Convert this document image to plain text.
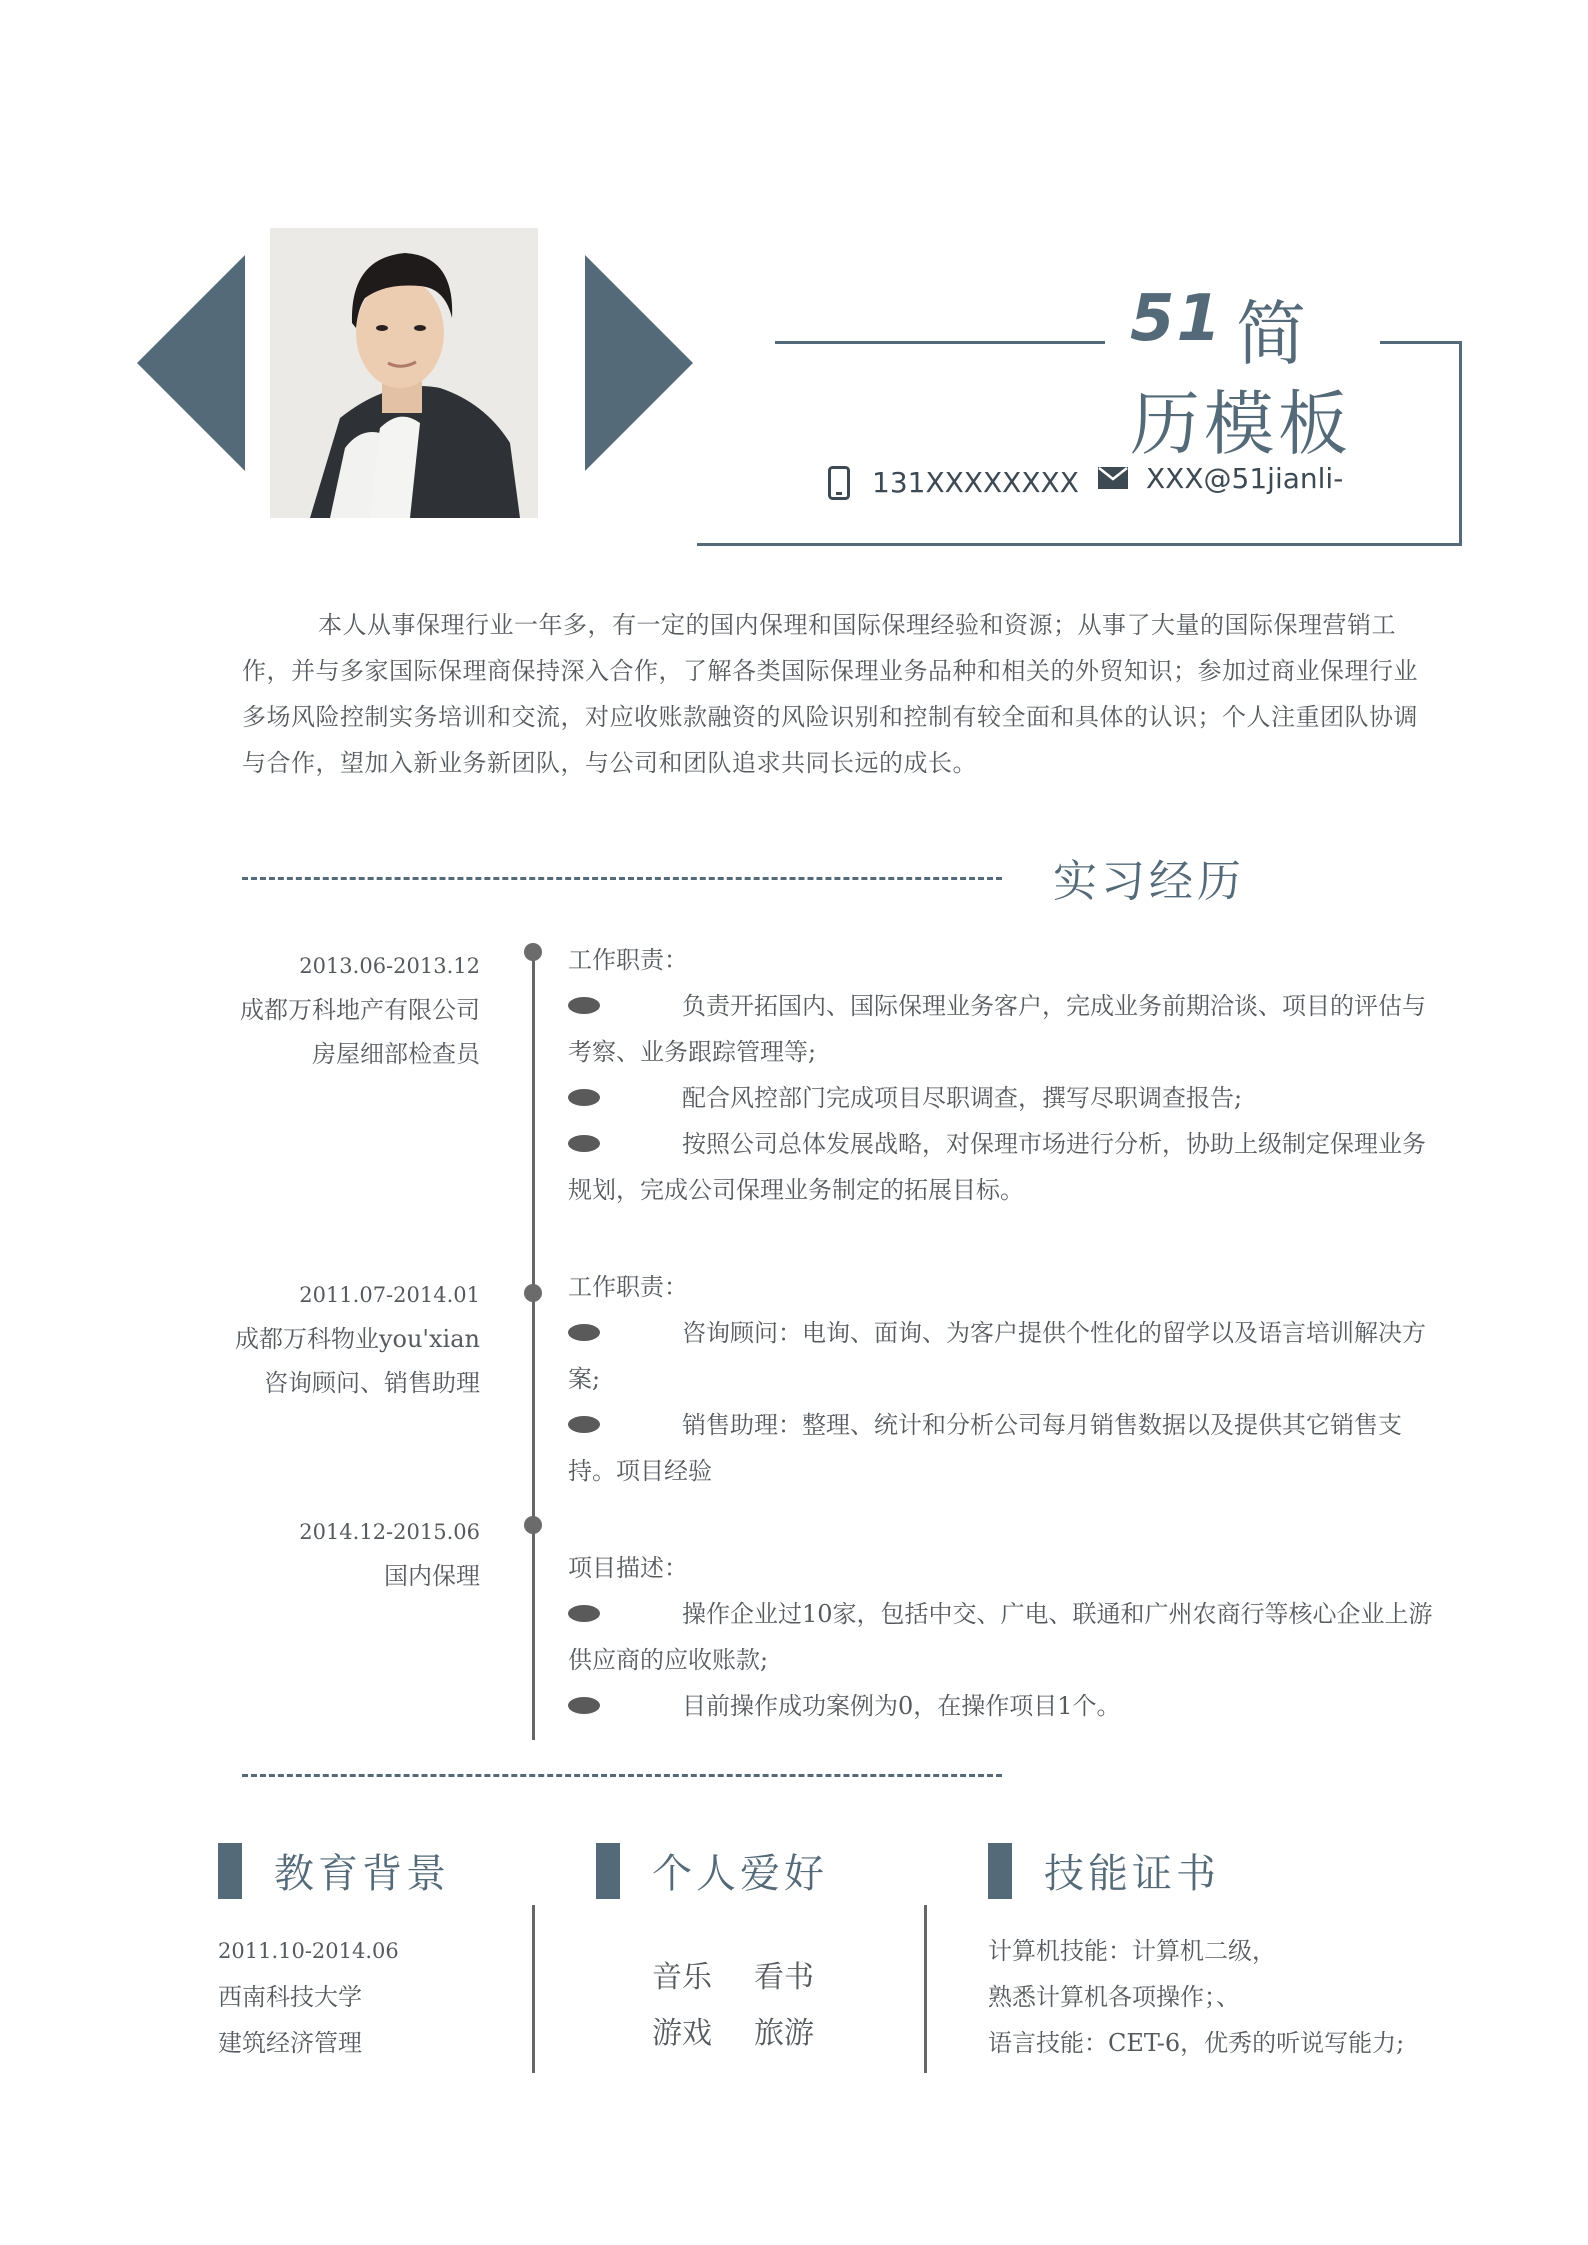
51 简
历模板
131XXXXXXXX XXX@51jianli-
本人从事保理行业一年多，有一定的国内保理和国际保理经验和资源；从事了大量的国际保理营销工作，并与多家国际保理商保持深入合作，了解各类国际保理业务品种和相关的外贸知识；参加过商业保理行业多场风险控制实务培训和交流，对应收账款融资的风险识别和控制有较全面和具体的认识；个人注重团队协调与合作，望加入新业务新团队，与公司和团队追求共同长远的成长。
实习经历
2013.06-2013.12
成都万科地产有限公司
房屋细部检查员
工作职责：
负责开拓国内、国际保理业务客户，完成业务前期洽谈、项目的评估与考察、业务跟踪管理等;
配合风控部门完成项目尽职调查，撰写尽职调查报告;
按照公司总体发展战略，对保理市场进行分析，协助上级制定保理业务规划，完成公司保理业务制定的拓展目标。
2011.07-2014.01
成都万科物业you'xian
咨询顾问、销售助理
工作职责：
咨询顾问：电询、面询、为客户提供个性化的留学以及语言培训解决方案;
销售助理：整理、统计和分析公司每月销售数据以及提供其它销售支持。项目经验
2014.12-2015.06
国内保理	项目描述：
操作企业过10家，包括中交、广电、联通和广州农商行等核心企业上游供应商的应收账款;
目前操作成功案例为0，在操作项目1个。
教育背景
2011.10-2014.06
西南科技大学
建筑经济管理
个人爱好
音乐 看书
游戏 旅游
技能证书
计算机技能：计算机二级，
熟悉计算机各项操作；、
语言技能：CET-6，优秀的听说写能力;
